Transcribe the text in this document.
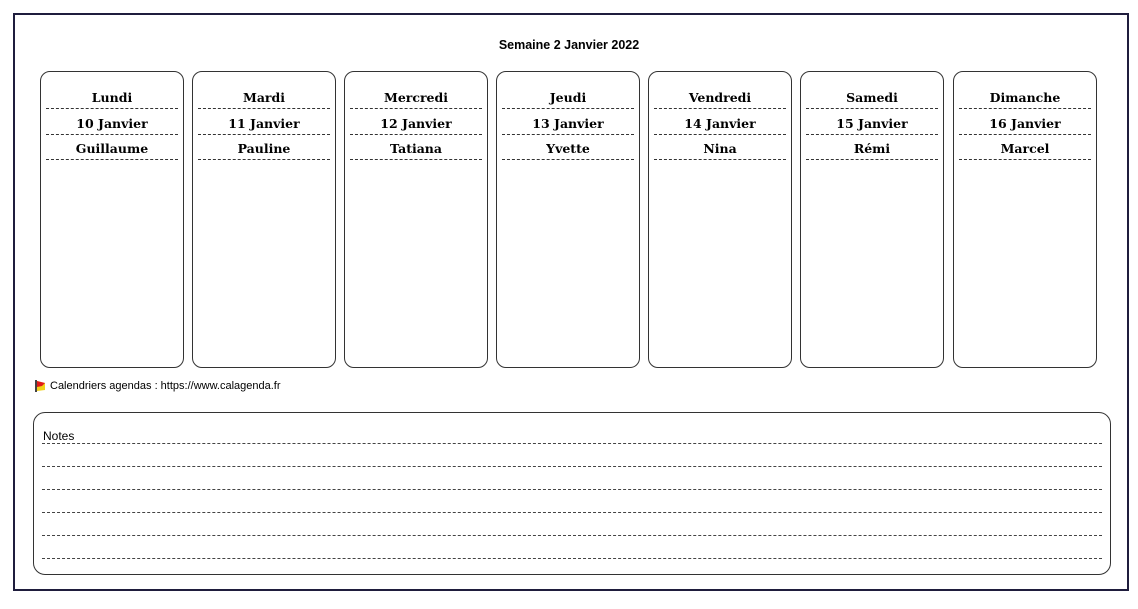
Semaine 2 Janvier 2022
Lundi
10 Janvier
Guillaume
Mardi
11 Janvier
Pauline
Mercredi
12 Janvier
Tatiana
Jeudi
13 Janvier
Yvette
Vendredi
14 Janvier
Nina
Samedi
15 Janvier
Rémi
Dimanche
16 Janvier
Marcel
Calendriers agendas : https://www.calagenda.fr
Notes
